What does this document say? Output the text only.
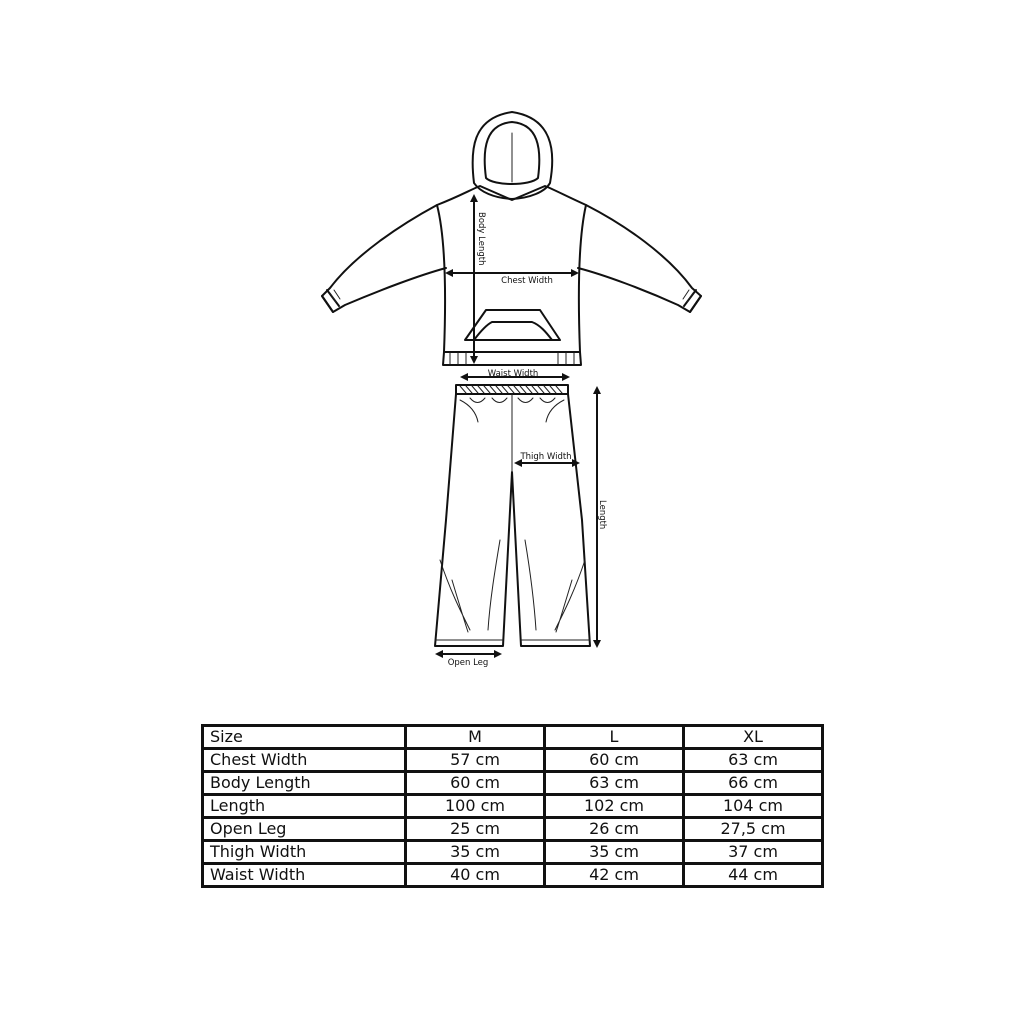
Body Length
Chest Width
Waist Width
Thigh Width
Length
Open Leg
Size	M	L	XL
Chest Width	57 cm	60 cm	63 cm
Body Length	60 cm	63 cm	66 cm
Length	100 cm	102 cm	104 cm
Open Leg	25 cm	26 cm	27,5 cm
Thigh Width	35 cm	35 cm	37 cm
Waist Width	40 cm	42 cm	44 cm
